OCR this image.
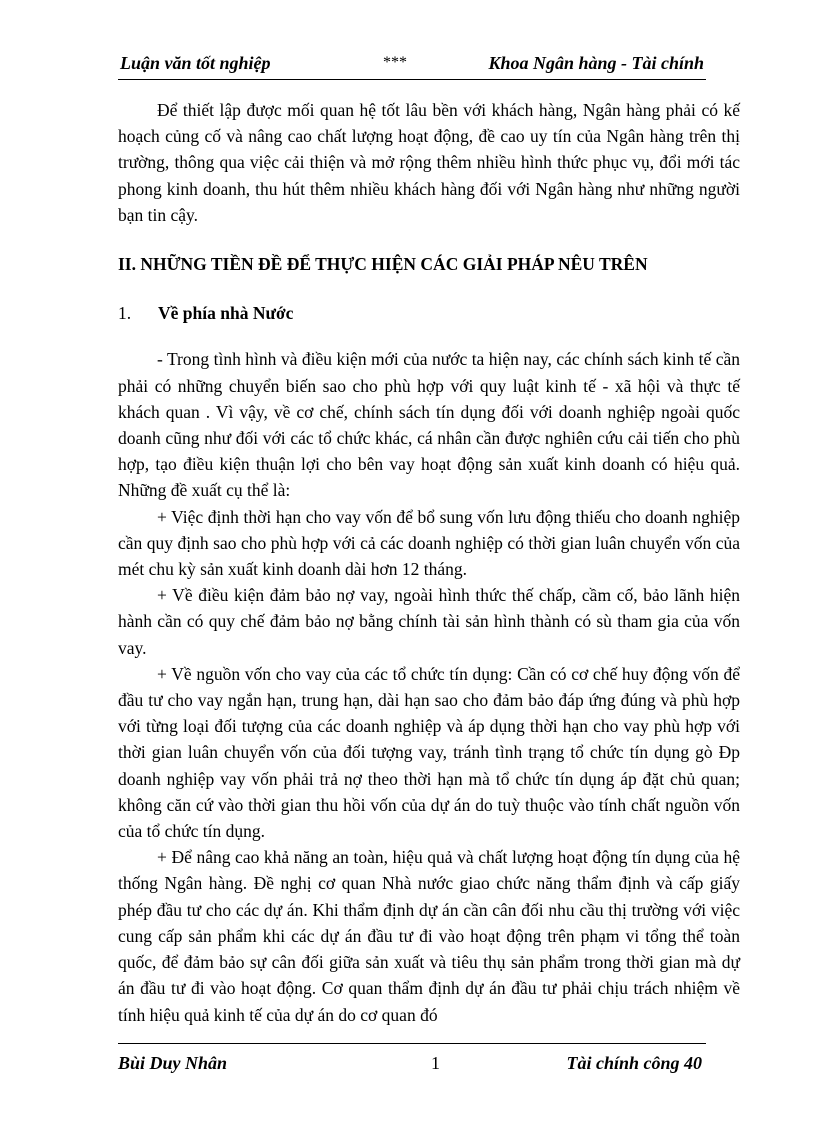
Luận văn tốt nghiệp	***	Khoa Ngân hàng - Tài chính

Để thiết lập được mối quan hệ tốt lâu bền với khách hàng, Ngân hàng phải có kế hoạch củng cố và nâng cao chất lượng hoạt động, đề cao uy tín của Ngân hàng trên thị trường, thông qua việc cải thiện và mở rộng thêm nhiều hình thức phục vụ, đổi mới tác phong kinh doanh, thu hút thêm nhiều khách hàng đối với Ngân hàng như những người bạn tin cậy.

II. NHỮNG TIỀN ĐỀ ĐỂ THỰC HIỆN CÁC GIẢI PHÁP NÊU TRÊN

1.	Về phía nhà Nước

- Trong tình hình và điều kiện mới của nước ta hiện nay, các chính sách kinh tế cần phải có những chuyển biến sao cho phù hợp với quy luật kinh tế - xã hội và thực tế khách quan . Vì vậy, về cơ chế, chính sách tín dụng đối với doanh nghiệp ngoài quốc doanh cũng như đối với các tổ chức khác, cá nhân cần được nghiên cứu cải tiến cho phù hợp, tạo điều kiện thuận lợi cho bên vay hoạt động sản xuất kinh doanh có hiệu quả. Những đề xuất cụ thể là:

+ Việc định thời hạn cho vay vốn để bổ sung vốn lưu động thiếu cho doanh nghiệp cần quy định sao cho phù hợp với cả các doanh nghiệp có thời gian luân chuyển vốn của mét chu kỳ sản xuất kinh doanh dài hơn 12 tháng.

+ Về điều kiện đảm bảo nợ vay, ngoài hình thức thế chấp, cầm cố, bảo lãnh hiện hành cần có quy chế đảm bảo nợ bằng chính tài sản hình thành có sù tham gia của vốn vay.

+ Về nguồn vốn cho vay của các tổ chức tín dụng: Cần có cơ chế huy động vốn để đầu tư cho vay ngắn hạn, trung hạn, dài hạn sao cho đảm bảo đáp ứng đúng và phù hợp với từng loại đối tượng của các doanh nghiệp và áp dụng thời hạn cho vay phù hợp với thời gian luân chuyển vốn của đối tượng vay, tránh tình trạng tổ chức tín dụng gò Ðp doanh nghiệp vay vốn phải trả nợ theo thời hạn mà tổ chức tín dụng áp đặt chủ quan; không căn cứ vào thời gian thu hồi vốn của dự án do tuỳ thuộc vào tính chất nguồn vốn của tổ chức tín dụng.

+ Để nâng cao khả năng an toàn, hiệu quả và chất lượng hoạt động tín dụng của hệ thống Ngân hàng. Đề nghị cơ quan Nhà nước giao chức năng thẩm định và cấp giấy phép đầu tư cho các dự án. Khi thẩm định dự án cần cân đối nhu cầu thị trường với việc cung cấp sản phẩm khi các dự án đầu tư đi vào hoạt động trên phạm vi tổng thể toàn quốc, để đảm bảo sự cân đối giữa sản xuất và tiêu thụ sản phẩm trong thời gian mà dự án đầu tư đi vào hoạt động. Cơ quan thẩm định dự án đầu tư phải chịu trách nhiệm về tính hiệu quả kinh tế của dự án do cơ quan đó

Bùi Duy Nhân	1	Tài chính công 40
